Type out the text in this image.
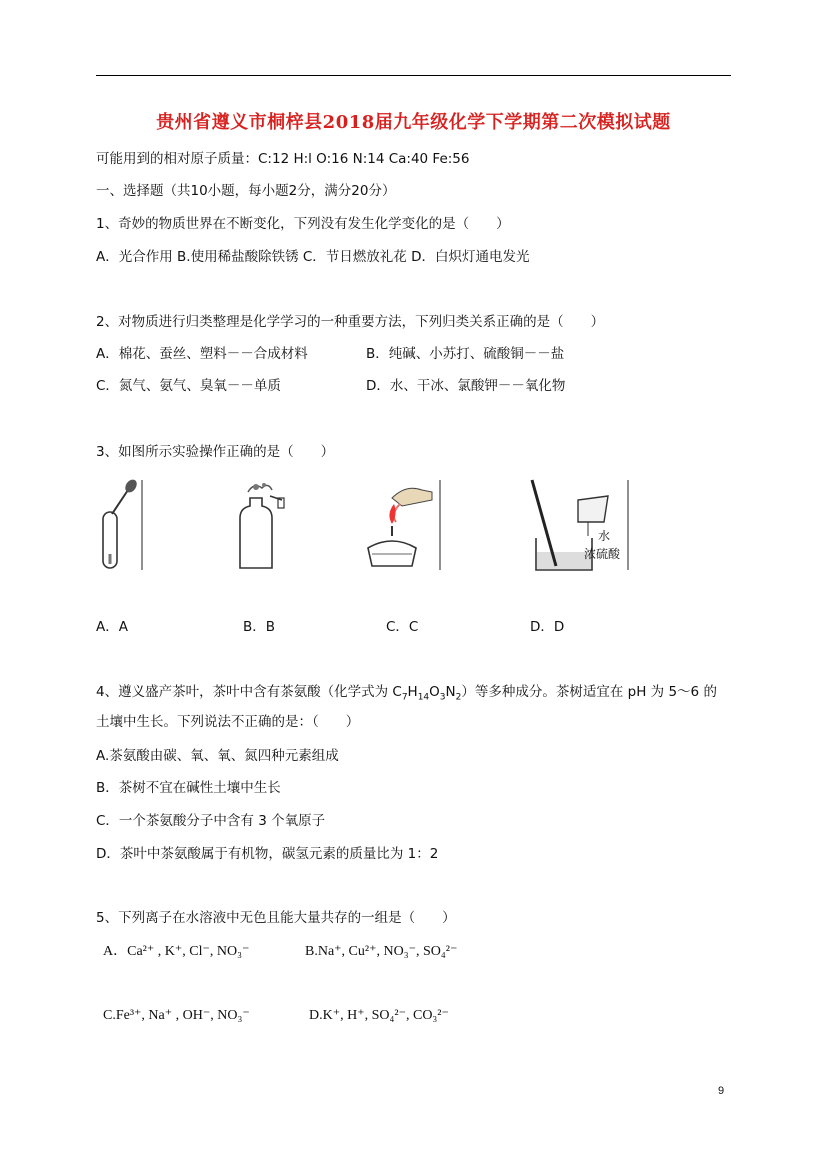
贵州省遵义市桐梓县2018届九年级化学下学期第二次模拟试题
可能用到的相对原子质量：C:12 H:l O:16 N:14 Ca:40 Fe:56
一、选择题（共10小题，每小题2分，满分20分）
1、奇妙的物质世界在不断变化，下列没有发生化学变化的是（　　）
A．光合作用 B.使用稀盐酸除铁锈 C．节日燃放礼花 D．白炽灯通电发光
2、对物质进行归类整理是化学学习的一种重要方法，下列归类关系正确的是（　　）
A．棉花、蚕丝、塑料－－合成材料	B．纯碱、小苏打、硫酸铜－－盐
C．氮气、氨气、臭氧－－单质	D．水、干冰、氯酸钾－－氧化物
3、如图所示实验操作正确的是（　　）
水
浓硫酸
A．A	B．B	C．C	D．D
4、遵义盛产茶叶，茶叶中含有茶氨酸（化学式为 $C_7H_{14}O_3N_2$）等多种成分。茶树适宜在 pH 为 5～6 的
土壤中生长。下列说法不正确的是：（　　）
A.茶氨酸由碳、氧、氧、氮四种元素组成
B．茶树不宜在碱性土壤中生长
C．一个茶氨酸分子中含有 3 个氧原子
D．茶叶中茶氨酸属于有机物，碳氢元素的质量比为 1：2
5、下列离子在水溶液中无色且能大量共存的一组是（　　）
A．Ca²⁺ , K⁺, Cl⁻, NO₃⁻	B.Na⁺, Cu²⁺, NO₃⁻, SO₄²⁻
C.Fe³⁺, Na⁺ , OH⁻, NO₃⁻	D.K⁺, H⁺, SO₄²⁻, CO₃²⁻
9
